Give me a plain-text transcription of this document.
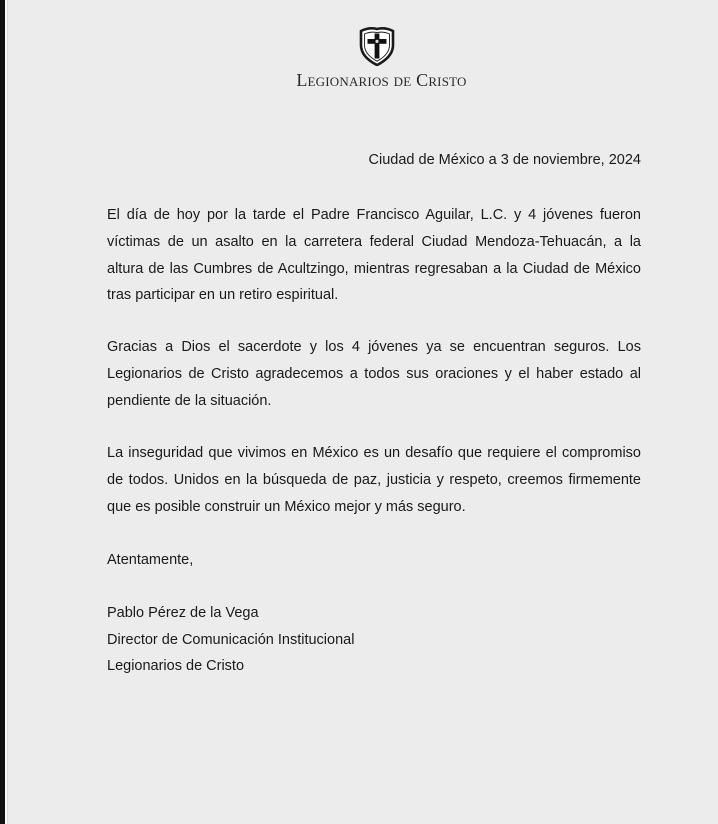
Legionarios de Cristo
Ciudad de México a 3 de noviembre, 2024
El día de hoy por la tarde el Padre Francisco Aguilar, L.C. y 4 jóvenes fueron víctimas de un asalto en la carretera federal Ciudad Mendoza-Tehuacán, a la altura de las Cumbres de Acultzingo, mientras regresaban a la Ciudad de México tras participar en un retiro espiritual.
Gracias a Dios el sacerdote y los 4 jóvenes ya se encuentran seguros. Los Legionarios de Cristo agradecemos a todos sus oraciones y el haber estado al pendiente de la situación.
La inseguridad que vivimos en México es un desafío que requiere el compromiso de todos. Unidos en la búsqueda de paz, justicia y respeto, creemos firmemente que es posible construir un México mejor y más seguro.
Atentamente,
Pablo Pérez de la Vega
Director de Comunicación Institucional
Legionarios de Cristo
